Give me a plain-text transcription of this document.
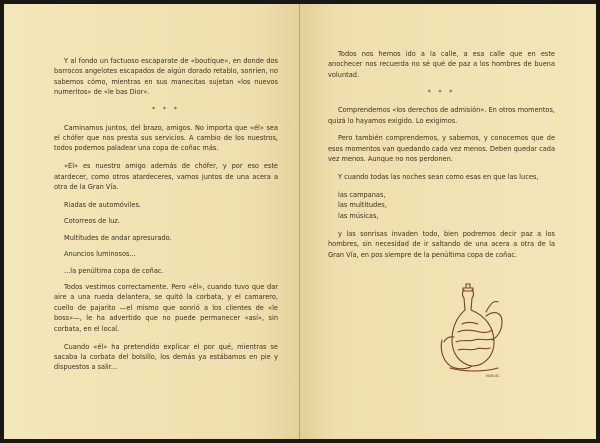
Y al fondo un factuoso escaparate de «boutique», en donde dos barrocos angelotes escapados de algún dorado retablo, sonríen, no sabemos cómo, mientras en sus manecitas sujetan «los nuevos numeritos» de «le bas Dior».

* * *

Caminamos juntos, del brazo, amigos. No importa que «él» sea el chófer que nos presta sus servicios. A cambio de los nuestros, todos podemos paladear una copa de coñac más.

«Él» es nuestro amigo además de chófer, y por eso este atardecer, como otros atardeceres, vamos juntos de una acera a otra de la Gran Vía.

Riadas de automóviles.

Cotorreos de luz.

Multitudes de andar apresurado.

Anuncios luminosos...

...la penúltima copa de coñac.

Todos vestimos correctamente. Pero «él», cuando tuvo que dar aire a una rueda delantera, se quitó la corbata, y el camarero, cuello de pajarito —el mismo que sonrió a los clientes de «le boss»—, le ha advertido que no puede permanecer «así», sin corbata, en el local.

Cuando «él» ha pretendido explicar el por qué, mientras se sacaba la corbata del bolsillo, los demás ya estábamos en pie y dispuestos a salir...

Todos nos hemos ido a la calle, a esa calle que en este anochecer nos recuerda no sé qué de paz a los hombres de buena voluntad.

* * *

Comprendemos «los derechos de admisión». En otros momentos, quizá lo hayamos exigido. Lo exigimos.

Pero también comprendemos, y sabemos, y conocemos que de esos momentos van quedando cada vez menos. Deben quedar cada vez menos. Aunque no nos perdonen.

Y cuando todas las noches sean como esas en que las luces,

las campanas,
las multitudes,
las músicas,

y las sonrisas invaden todo, bien podremos decir paz a los hombres, sin necesidad de ir saltando de una acera a otra de la Gran Vía, en pos siempre de la penúltima copa de coñac.

MANUEL
